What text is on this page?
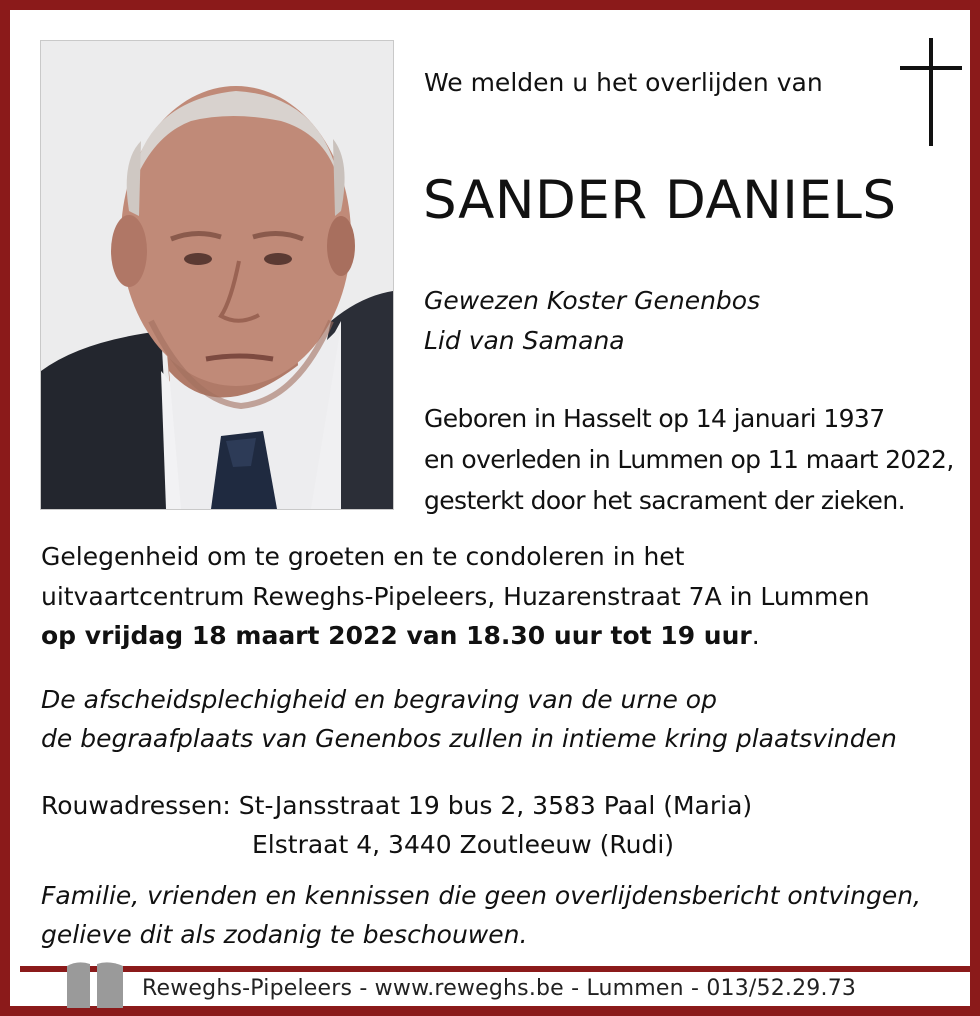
We melden u het overlijden van

SANDER DANIELS

Gewezen Koster Genenbos

Lid van Samana

Geboren in Hasselt op 14 januari 1937

en overleden in Lummen op 11 maart 2022,

gesterkt door het sacrament der zieken.

Gelegenheid om te groeten en te condoleren in het

uitvaartcentrum Reweghs-Pipeleers, Huzarenstraat 7A in Lummen

op vrijdag 18 maart 2022 van 18.30 uur tot 19 uur.

De afscheidsplechigheid en begraving van de urne op

de begraafplaats van Genenbos zullen in intieme kring plaatsvinden

Rouwadressen: St-Jansstraat 19 bus 2, 3583 Paal (Maria)

Elstraat 4, 3440 Zoutleeuw (Rudi)

Familie, vrienden en kennissen die geen overlijdensbericht ontvingen,

gelieve dit als zodanig te beschouwen.

Reweghs-Pipeleers - www.reweghs.be - Lummen - 013/52.29.73
